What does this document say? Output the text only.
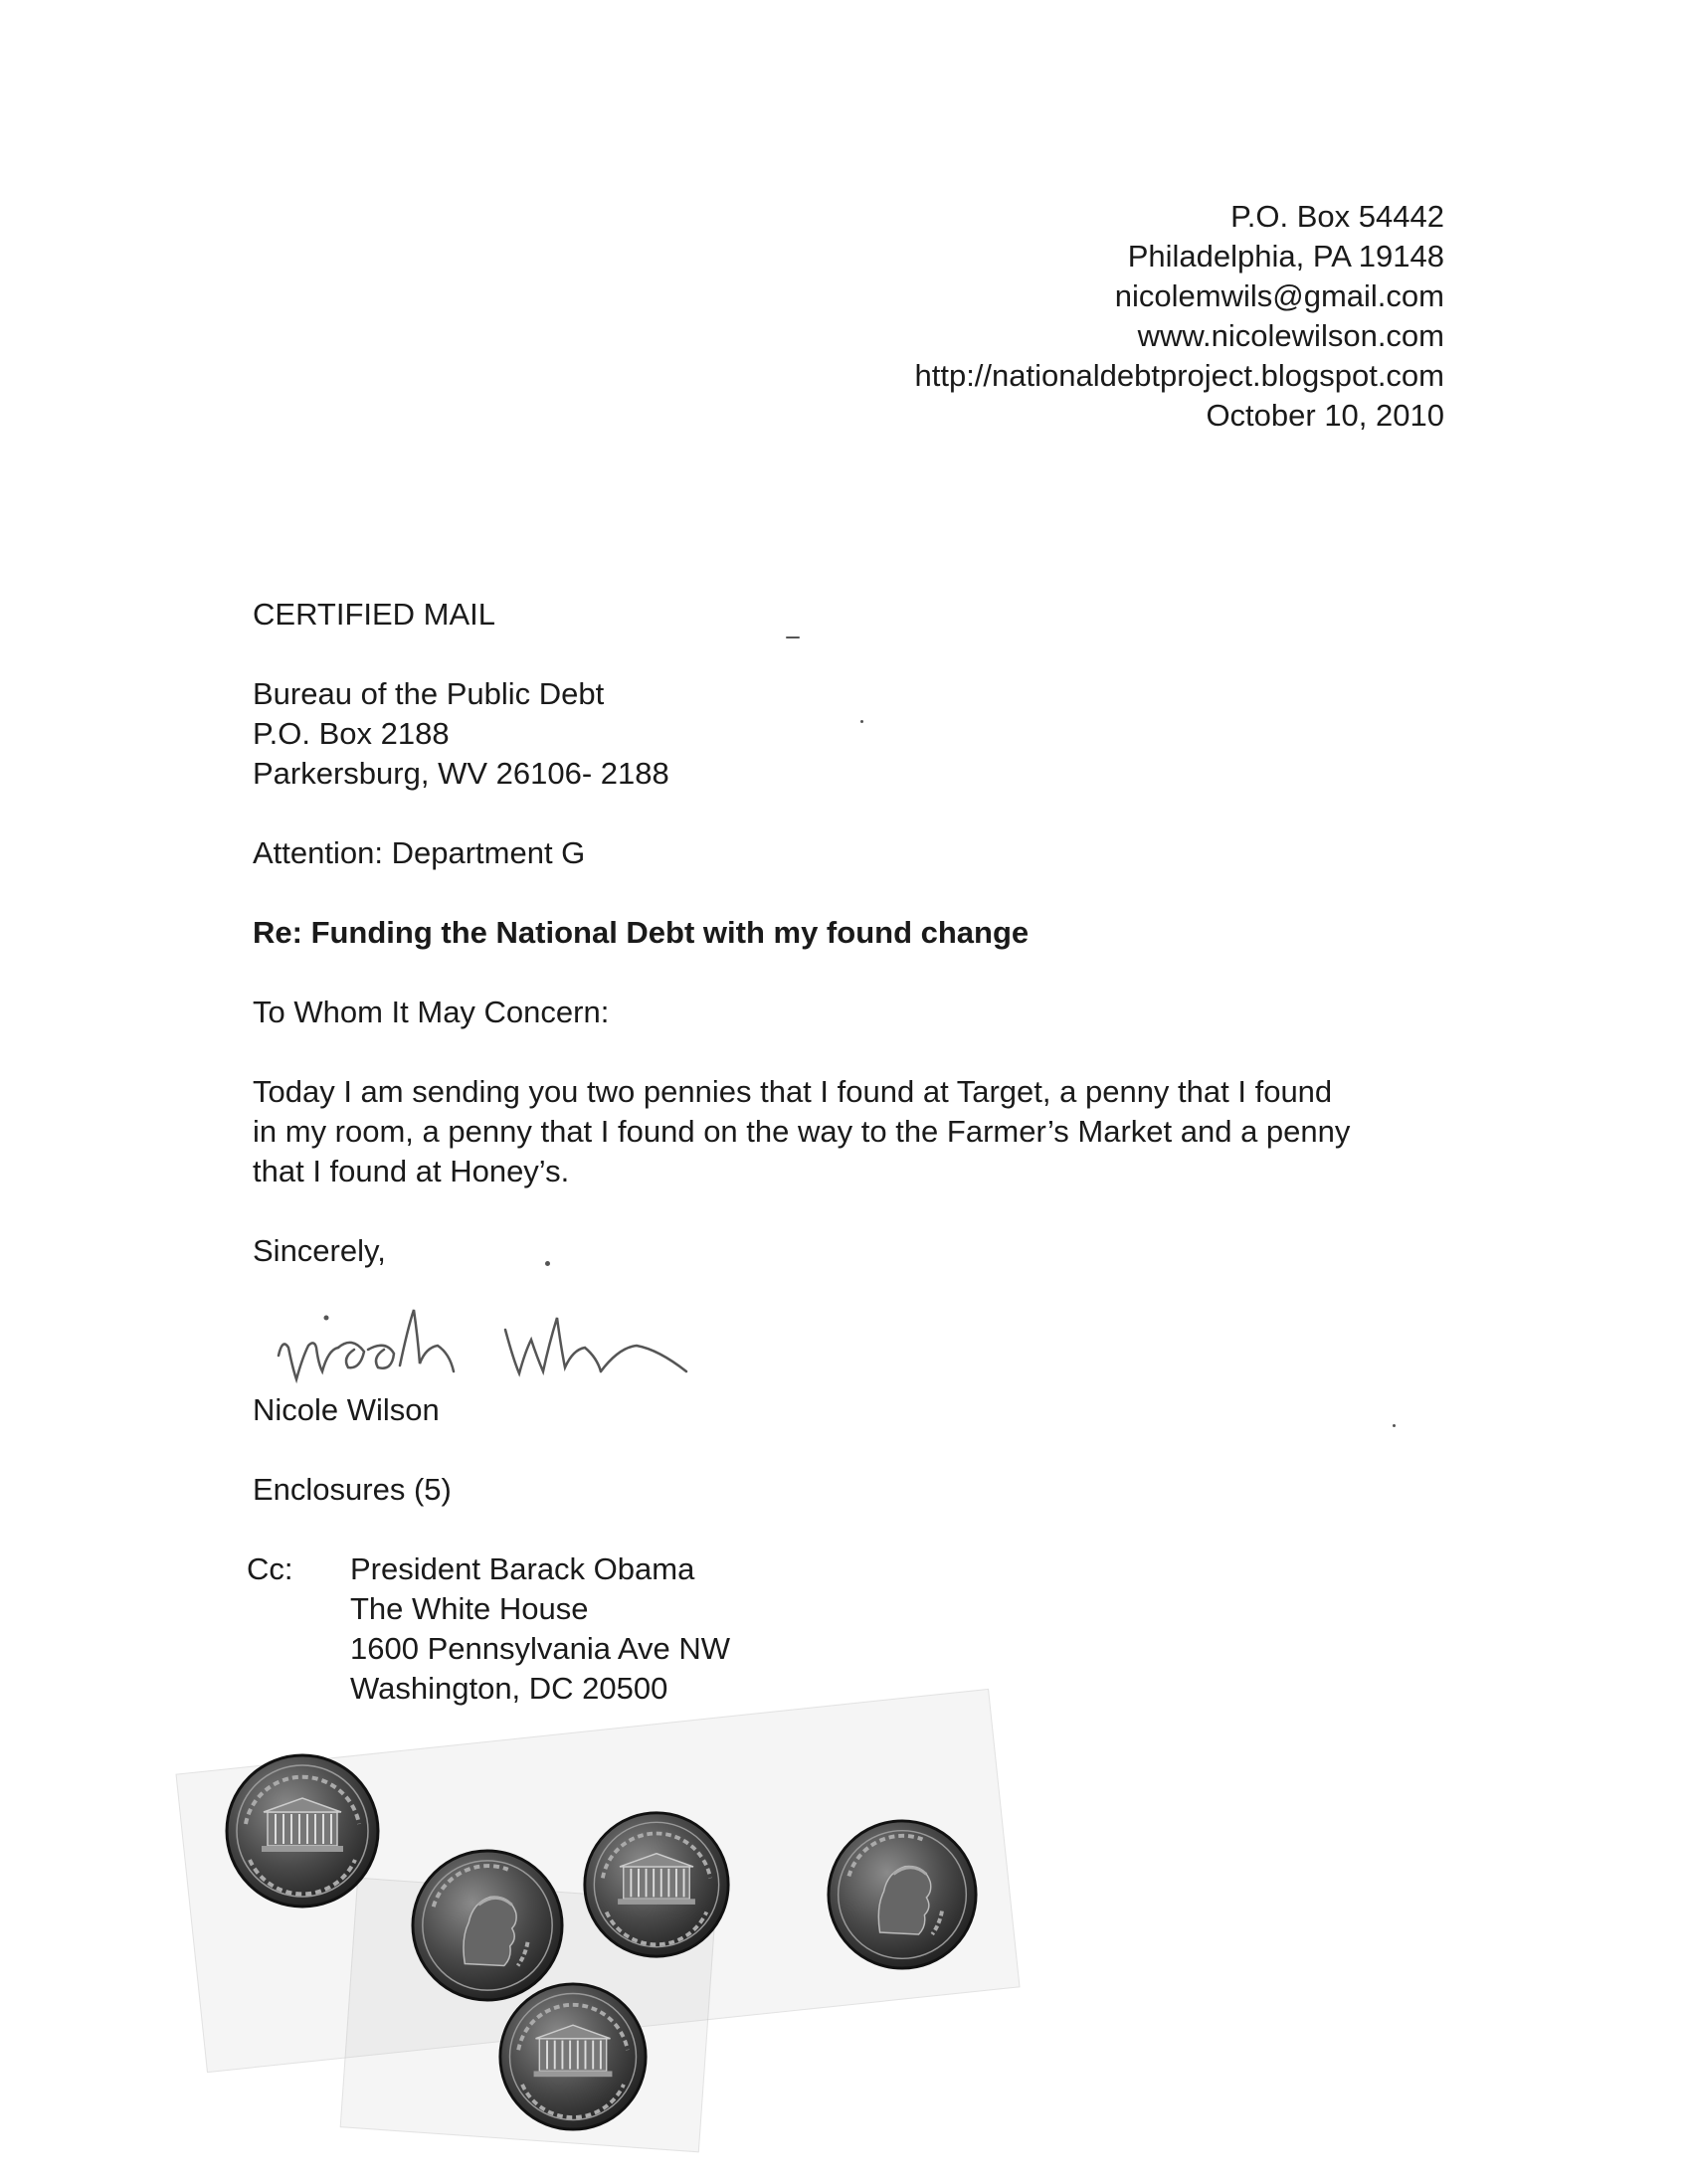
P.O. Box 54442
Philadelphia, PA 19148
nicolemwils@gmail.com
www.nicolewilson.com
http://nationaldebtproject.blogspot.com
October 10, 2010
CERTIFIED MAIL
Bureau of the Public Debt
P.O. Box 2188
Parkersburg, WV 26106- 2188
Attention: Department G
Re: Funding the National Debt with my found change
To Whom It May Concern:
Today I am sending you two pennies that I found at Target, a penny that I found
in my room, a penny that I found on the way to the Farmer’s Market and a penny
that I found at Honey’s.
Sincerely,
Nicole Wilson
Enclosures (5)
Cc: President Barack Obama
The White House
1600 Pennsylvania Ave NW
Washington, DC 20500
